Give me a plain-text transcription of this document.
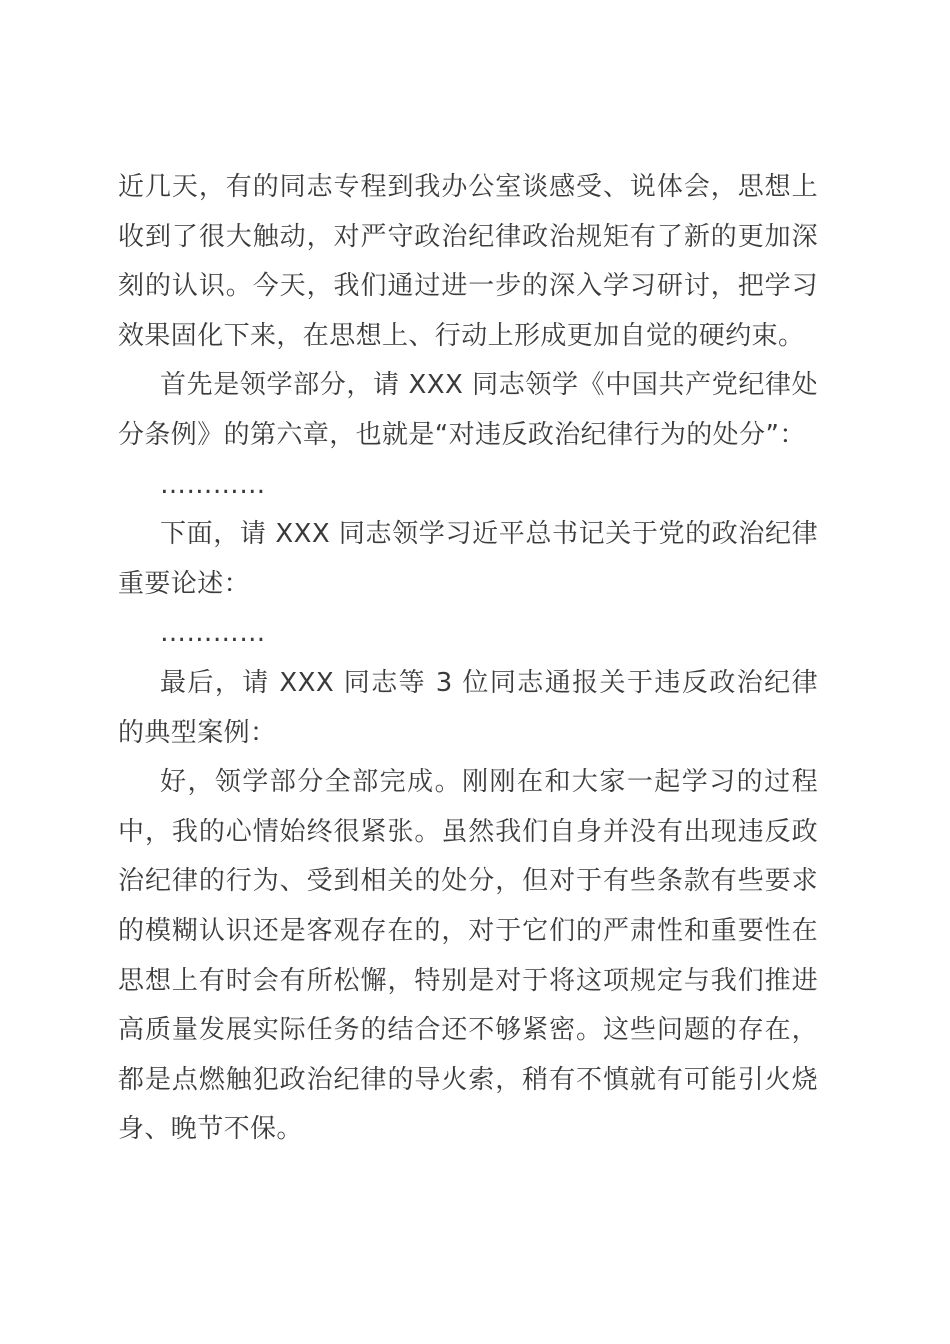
近几天，有的同志专程到我办公室谈感受、说体会，思想上收到了很大触动，对严守政治纪律政治规矩有了新的更加深刻的认识。今天，我们通过进一步的深入学习研讨，把学习效果固化下来，在思想上、行动上形成更加自觉的硬约束。

首先是领学部分，请 XXX 同志领学《中国共产党纪律处分条例》的第六章，也就是“对违反政治纪律行为的处分”：

…………

下面，请 XXX 同志领学习近平总书记关于党的政治纪律重要论述：

…………

最后，请 XXX 同志等 3 位同志通报关于违反政治纪律的典型案例：

好，领学部分全部完成。刚刚在和大家一起学习的过程中，我的心情始终很紧张。虽然我们自身并没有出现违反政治纪律的行为、受到相关的处分，但对于有些条款有些要求的模糊认识还是客观存在的，对于它们的严肃性和重要性在思想上有时会有所松懈，特别是对于将这项规定与我们推进高质量发展实际任务的结合还不够紧密。这些问题的存在，都是点燃触犯政治纪律的导火索，稍有不慎就有可能引火烧身、晚节不保。
